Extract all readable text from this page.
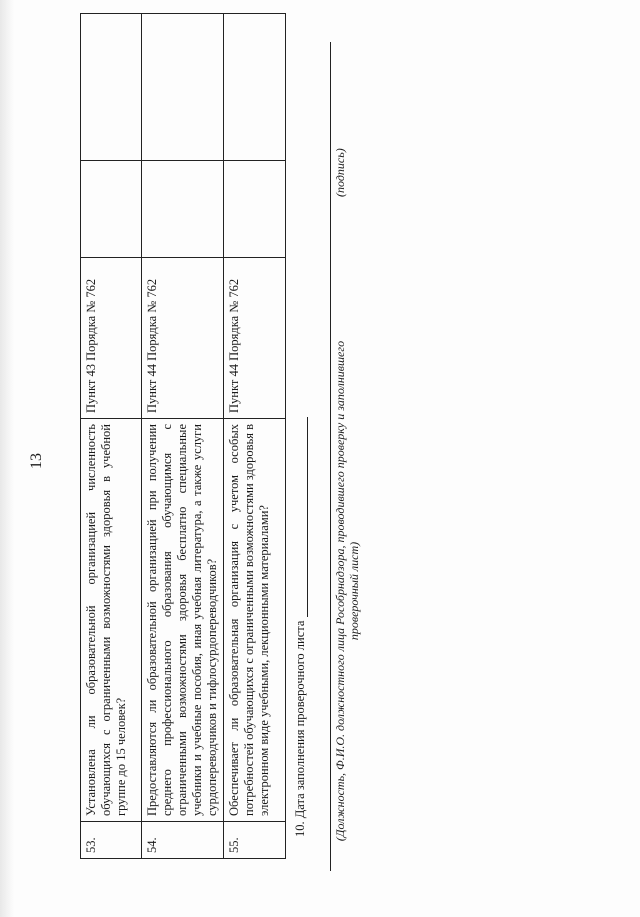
13
53.	Установлена ли образовательной организацией численность обучающихся с ограниченными возможностями здоровья в учебной группе до 15 человек?	Пункт 43 Порядка № 762		
54.	Предоставляются ли образовательной организацией при получении среднего профессионального образования обучающимся с ограниченными возможностями здоровья бесплатно специальные учебники и учебные пособия, иная учебная литература, а также услуги сурдопереводчиков и тифлосурдопереводчиков?	Пункт 44 Порядка № 762		
55.	Обеспечивает ли образовательная организация с учетом особых потребностей обучающихся с ограниченными возможностями здоровья в электронном виде учебными, лекционными материалами?	Пункт 44 Порядка № 762		
10. Дата заполнения проверочного листа (Должность, Ф.И.О. должностного лица Рособрнадзора, проводившего проверку и заполнившего проверочный лист)
(подпись)
